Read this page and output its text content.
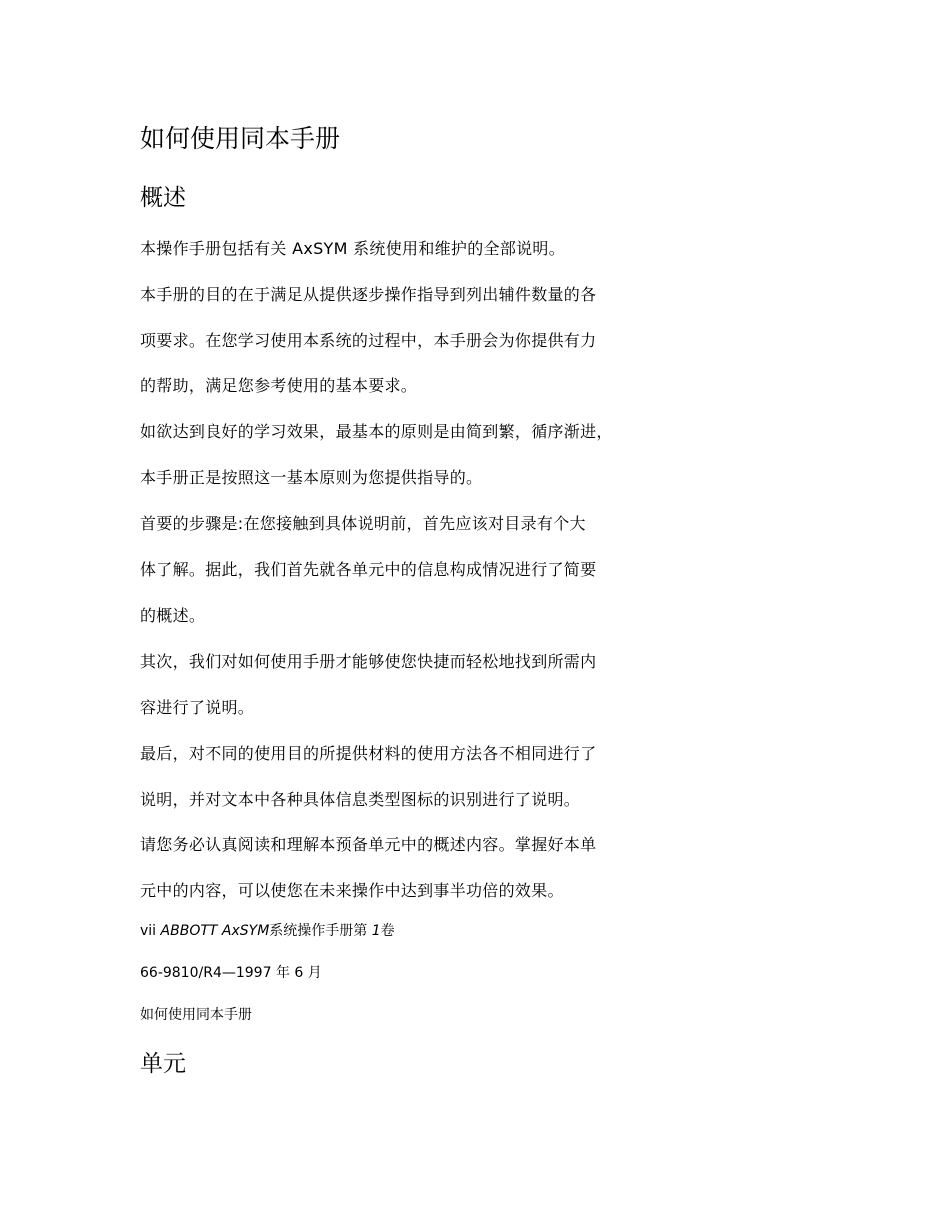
如何使用同本手册
概述
本操作手册包括有关 AxSYM 系统使用和维护的全部说明。
本手册的目的在于满足从提供逐步操作指导到列出辅件数量的各
项要求。在您学习使用本系统的过程中，本手册会为你提供有力
的帮助，满足您参考使用的基本要求。
如欲达到良好的学习效果，最基本的原则是由简到繁，循序渐进，
本手册正是按照这一基本原则为您提供指导的。
首要的步骤是:在您接触到具体说明前，首先应该对目录有个大
体了解。据此，我们首先就各单元中的信息构成情况进行了简要
的概述。
其次，我们对如何使用手册才能够使您快捷而轻松地找到所需内
容进行了说明。
最后，对不同的使用目的所提供材料的使用方法各不相同进行了
说明，并对文本中各种具体信息类型图标的识别进行了说明。
请您务必认真阅读和理解本预备单元中的概述内容。掌握好本单
元中的内容，可以使您在未来操作中达到事半功倍的效果。
vii ABBOTT AxSYM系统操作手册第 1卷
66-9810/R4—1997 年 6 月
如何使用同本手册
单元
